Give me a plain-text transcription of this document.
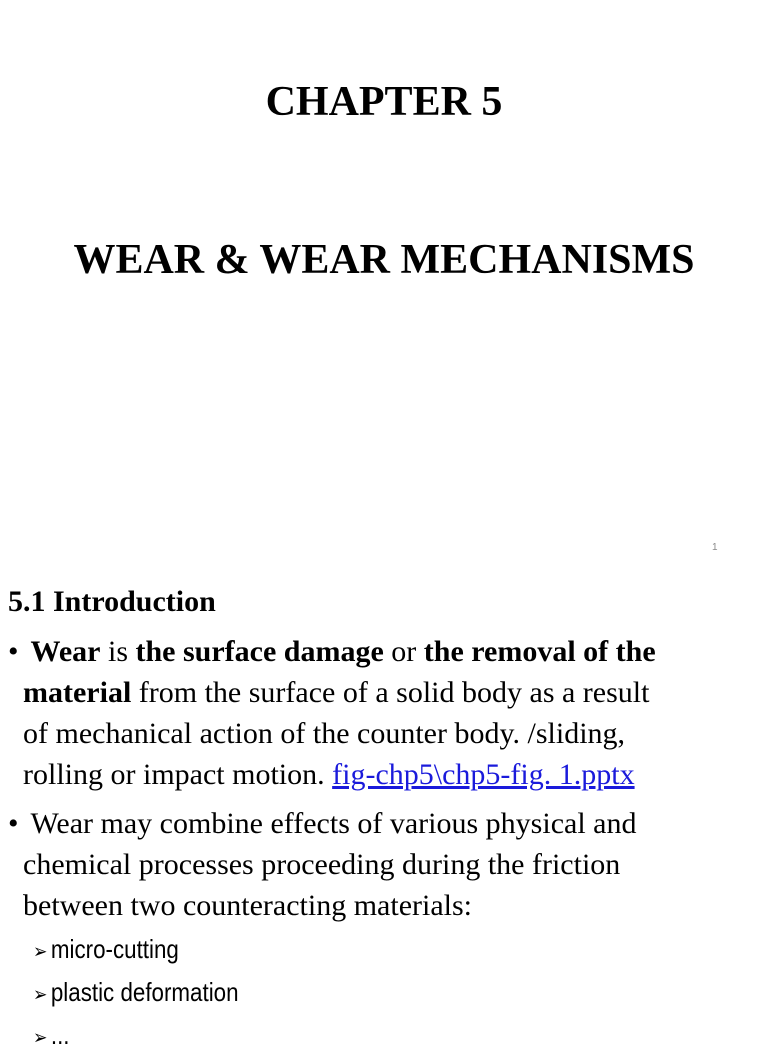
CHAPTER 5
WEAR & WEAR MECHANISMS
1
5.1 Introduction
• Wear is the surface damage or the removal of the
material from the surface of a solid body as a result
of mechanical action of the counter body. /sliding,
rolling or impact motion. fig-chp5\chp5-fig. 1.pptx
• Wear may combine effects of various physical and
chemical processes proceeding during the friction
between two counteracting materials:
➢ micro-cutting
➢ plastic deformation
➢ ...
